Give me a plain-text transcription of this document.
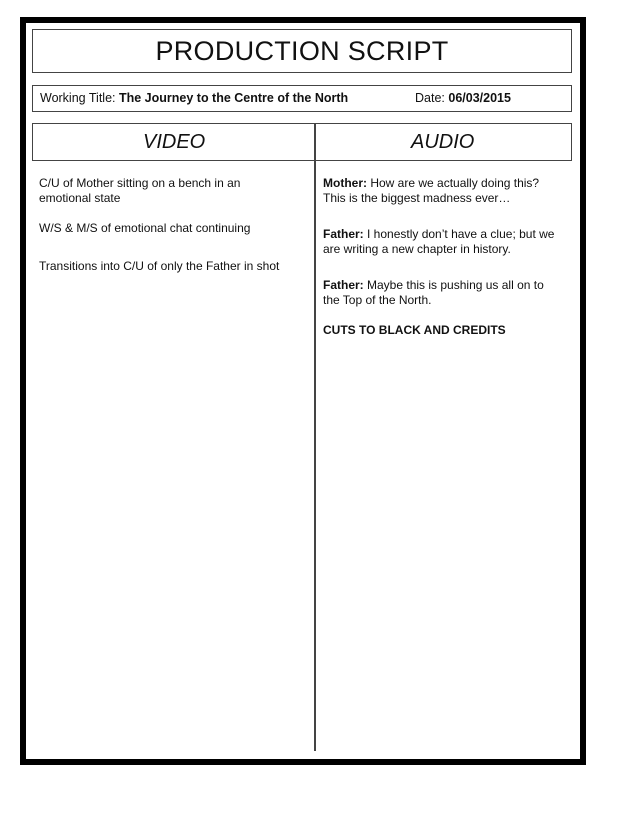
PRODUCTION SCRIPT
Working Title: The Journey to the Centre of the North	Date: 06/03/2015
VIDEO	AUDIO

C/U of Mother sitting on a bench in an emotional state

W/S & M/S of emotional chat continuing

Transitions into C/U of only the Father in shot

Mother: How are we actually doing this? This is the biggest madness ever…

Father: I honestly don’t have a clue; but we are writing a new chapter in history.

Father: Maybe this is pushing us all on to the Top of the North.

CUTS TO BLACK AND CREDITS
